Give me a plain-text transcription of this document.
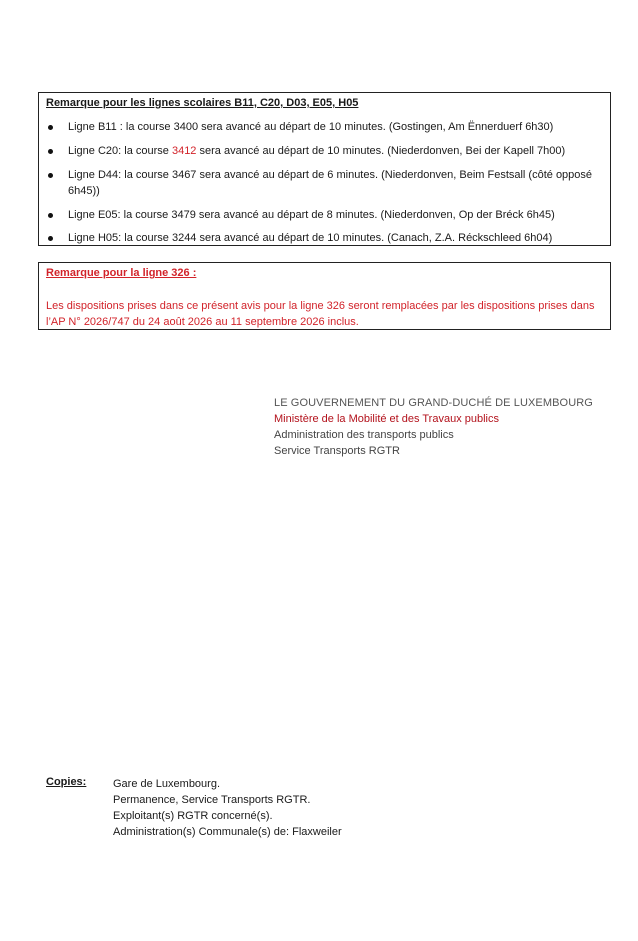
Remarque pour les lignes scolaires B11, C20, D03, E05, H05
Ligne B11 : la course 3400 sera avancé au départ de 10 minutes. (Gostingen, Am Ënnerduerf 6h30)
Ligne C20: la course 3412 sera avancé au départ de 10 minutes. (Niederdonven, Bei der Kapell 7h00)
Ligne D44: la course 3467 sera avancé au départ de 6 minutes. (Niederdonven, Beim Festsall (côté opposé 6h45))
Ligne E05: la course 3479 sera avancé au départ de 8 minutes. (Niederdonven, Op der Bréck 6h45)
Ligne H05: la course 3244 sera avancé au départ de 10 minutes. (Canach, Z.A. Réckschleed 6h04)
Remarque pour la ligne 326 :
Les dispositions prises dans ce présent avis pour la ligne 326 seront remplacées par les dispositions prises dans l’AP N° 2026/747 du 24 août 2026 au 11 septembre 2026 inclus.
LE GOUVERNEMENT DU GRAND-DUCHÉ DE LUXEMBOURG
Ministère de la Mobilité et des Travaux publics
Administration des transports publics
Service Transports RGTR
Copies: Gare de Luxembourg.
Permanence, Service Transports RGTR.
Exploitant(s) RGTR concerné(s).
Administration(s) Communale(s) de: Flaxweiler
